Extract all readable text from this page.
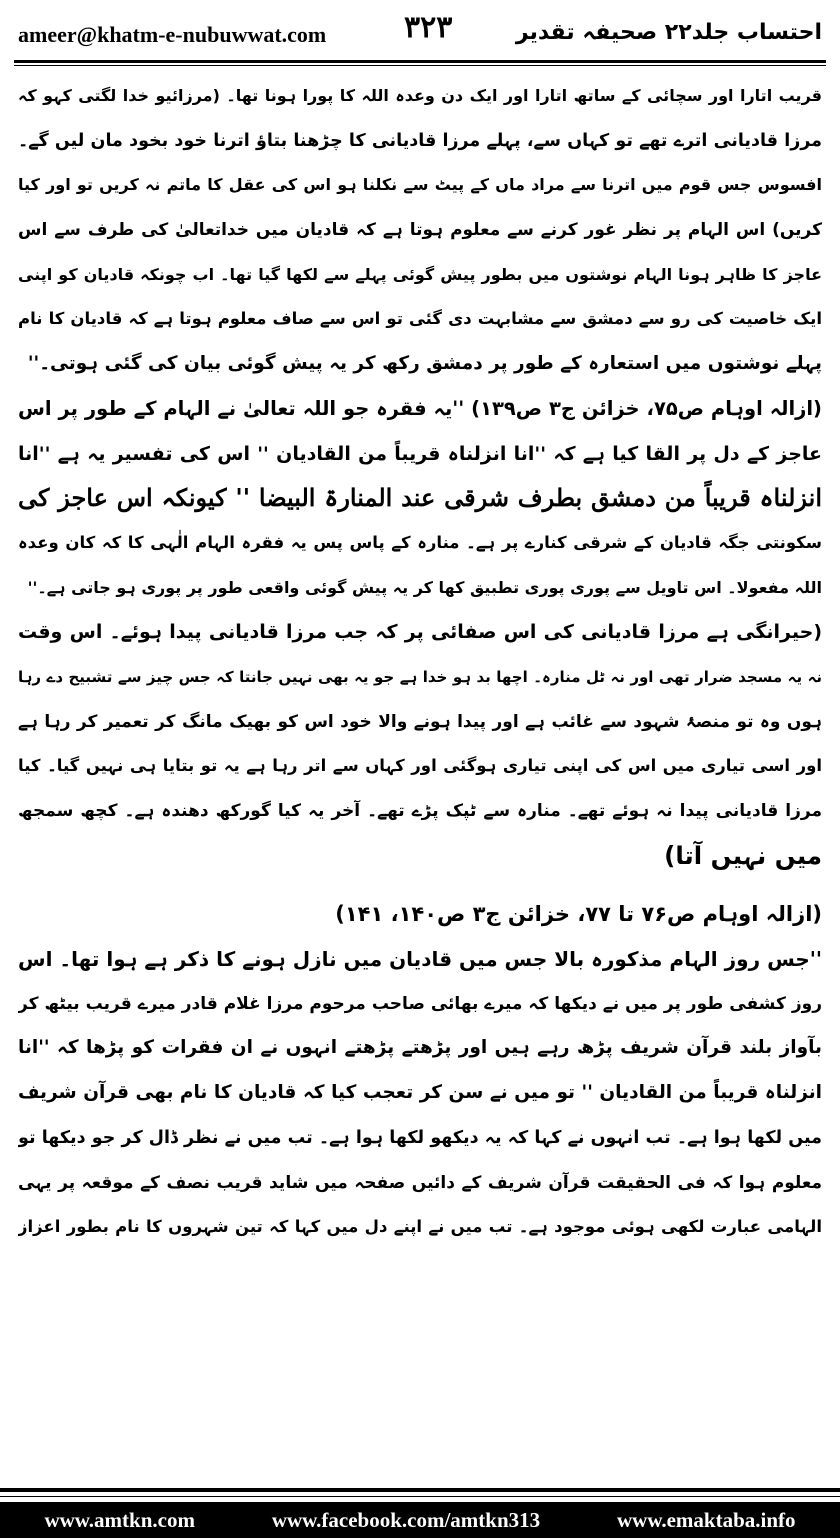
ameer@khatm-e-nubuwwat.com	۳۲۳	احتساب جلد۲۲ صحیفہ تقدیر
قریب اتارا اور سچائی کے ساتھ اتارا اور ایک دن وعدہ اللہ کا پورا ہونا تھا۔ (مرزائیو خدا لگتی کہو کہ
مرزا قادیانی اترے تھے تو کہاں سے، پہلے مرزا قادیانی کا چڑھنا بتاؤ اترنا خود بخود مان لیں گے۔
افسوس جس قوم میں اترنا سے مراد ماں کے پیٹ سے نکلنا ہو اس کی عقل کا ماتم نہ کریں تو اور کیا
کریں) اس الہام پر نظر غور کرنے سے معلوم ہوتا ہے کہ قادیان میں خداتعالیٰ کی طرف سے اس
عاجز کا ظاہر ہونا الہام نوشتوں میں بطور پیش گوئی پہلے سے لکھا گیا تھا۔ اب چونکہ قادیان کو اپنی
ایک خاصیت کی رو سے دمشق سے مشابہت دی گئی تو اس سے صاف معلوم ہوتا ہے کہ قادیان کا نام
پہلے نوشتوں میں استعارہ کے طور پر دمشق رکھ کر یہ پیش گوئی بیان کی گئی ہوتی۔''
(ازالہ اوہام ص۷۵، خزائن ج۳ ص۱۳۹) ''یہ فقرہ جو اللہ تعالیٰ نے الہام کے طور پر اس
عاجز کے دل پر القا کیا ہے کہ ''انا انزلناہ قریباً من القادیان '' اس کی تفسیر یہ ہے ''انا
انزلناہ قریباً من دمشق بطرف شرقی عند المنارۃ البیضا '' کیونکہ اس عاجز کی
سکونتی جگہ قادیان کے شرقی کنارے پر ہے۔ منارہ کے پاس پس یہ فقرہ الہام الٰہی کا کہ کان وعدہ
اللہ مفعولا۔ اس تاویل سے پوری پوری تطبیق کھا کر یہ پیش گوئی واقعی طور پر پوری ہو جاتی ہے۔''
(حیرانگی ہے مرزا قادیانی کی اس صفائی پر کہ جب مرزا قادیانی پیدا ہوئے۔ اس وقت
نہ یہ مسجد ضرار تھی اور نہ ٹل منارہ۔ اچھا بد ہو خدا ہے جو یہ بھی نہیں جانتا کہ جس چیز سے تشبیح دے رہا
ہوں وہ تو منصۂ شہود سے غائب ہے اور پیدا ہونے والا خود اس کو بھیک مانگ کر تعمیر کر رہا ہے
اور اسی تیاری میں اس کی اپنی تیاری ہوگئی اور کہاں سے اتر رہا ہے یہ تو بتایا ہی نہیں گیا۔ کیا
مرزا قادیانی پیدا نہ ہوئے تھے۔ منارہ سے ٹپک پڑے تھے۔ آخر یہ کیا گورکھ دھندہ ہے۔ کچھ سمجھ
میں نہیں آتا)
(ازالہ اوہام ص۷۶ تا ۷۷، خزائن ج۳ ص۱۴۰، ۱۴۱)
''جس روز الہام مذکورہ بالا جس میں قادیان میں نازل ہونے کا ذکر ہے ہوا تھا۔ اس
روز کشفی طور پر میں نے دیکھا کہ میرے بھائی صاحب مرحوم مرزا غلام قادر میرے قریب بیٹھ کر
بآواز بلند قرآن شریف پڑھ رہے ہیں اور پڑھتے پڑھتے انہوں نے ان فقرات کو پڑھا کہ ''انا
انزلناہ قریباً من القادیان '' تو میں نے سن کر تعجب کیا کہ قادیان کا نام بھی قرآن شریف
میں لکھا ہوا ہے۔ تب انہوں نے کہا کہ یہ دیکھو لکھا ہوا ہے۔ تب میں نے نظر ڈال کر جو دیکھا تو
معلوم ہوا کہ فی الحقیقت قرآن شریف کے دائیں صفحہ میں شاید قریب نصف کے موقعہ پر یہی
الہامی عبارت لکھی ہوئی موجود ہے۔ تب میں نے اپنے دل میں کہا کہ تین شہروں کا نام بطور اعزاز
www.amtkn.com	www.facebook.com/amtkn313	www.emaktaba.info
